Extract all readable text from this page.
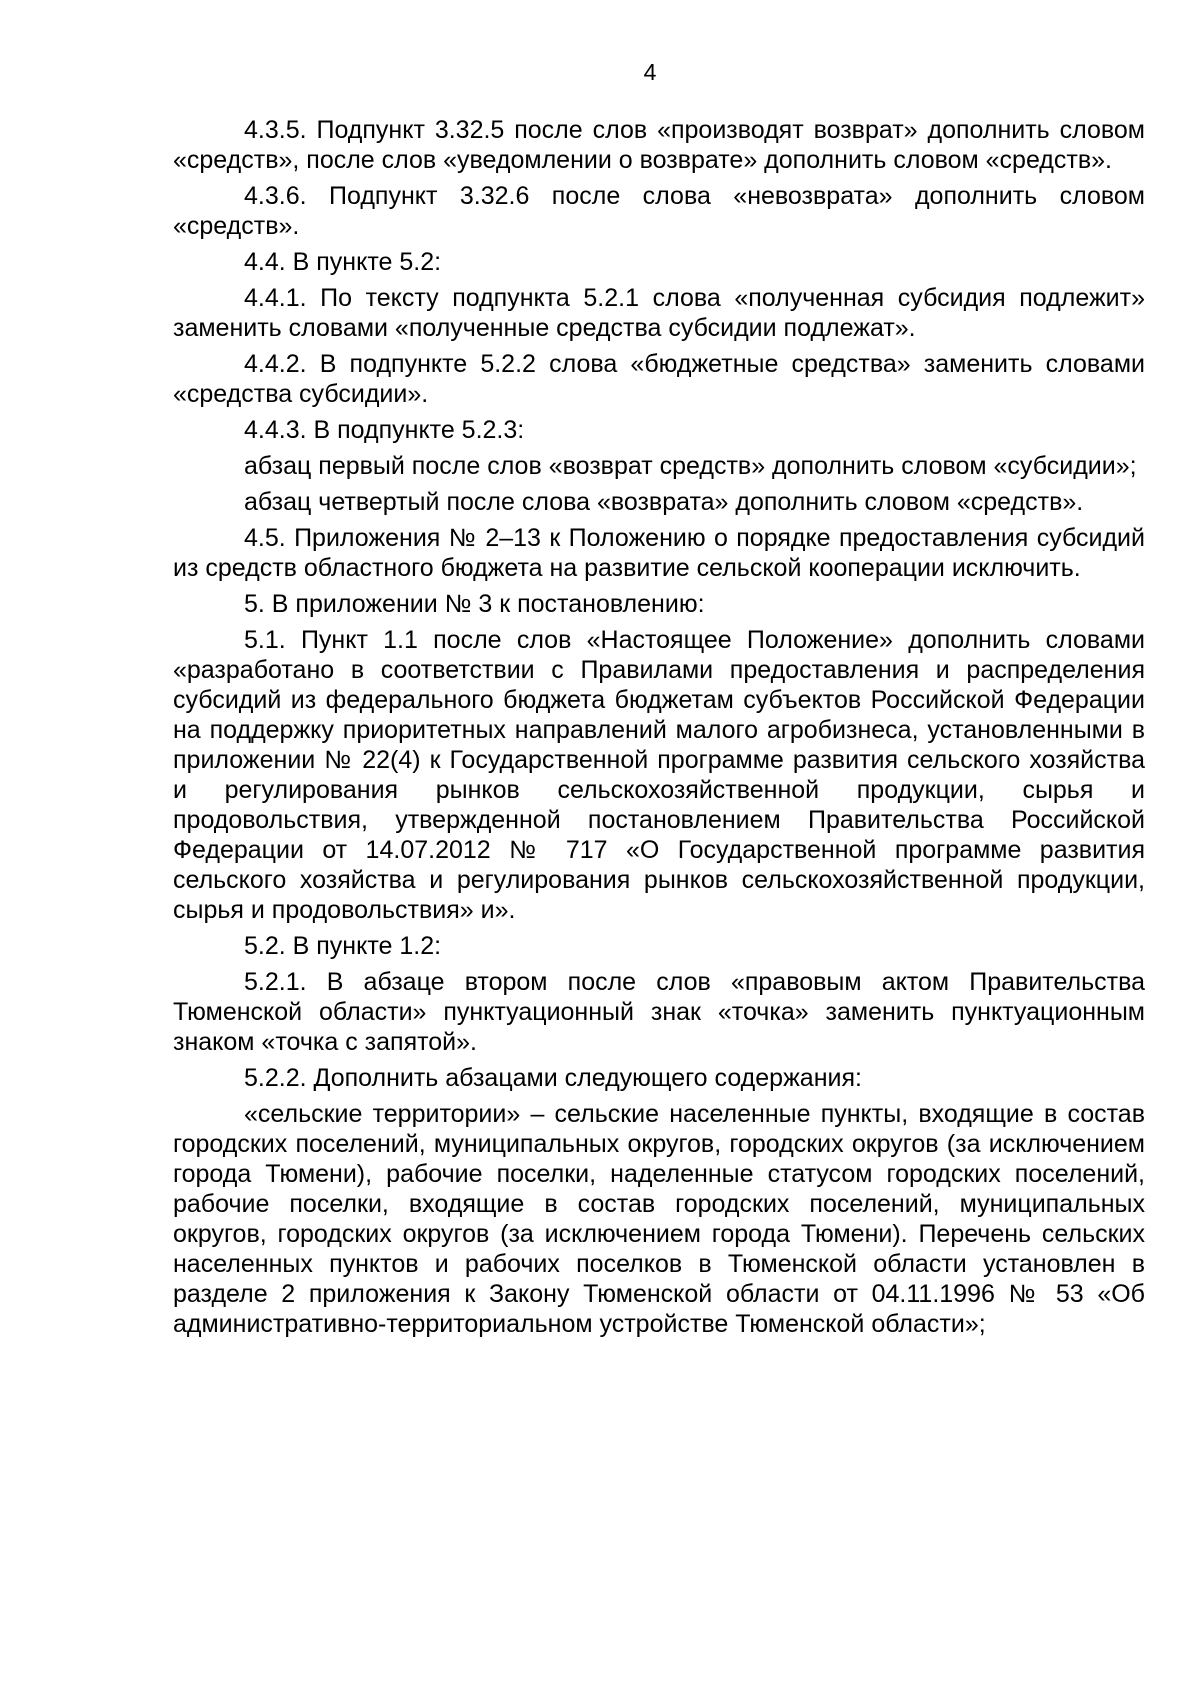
4

4.3.5. Подпункт 3.32.5 после слов «производят возврат» дополнить словом «средств», после слов «уведомлении о возврате» дополнить словом «средств».

4.3.6. Подпункт 3.32.6 после слова «невозврата» дополнить словом «средств».

4.4. В пункте 5.2:

4.4.1. По тексту подпункта 5.2.1 слова «полученная субсидия подлежит» заменить словами «полученные средства субсидии подлежат».

4.4.2. В подпункте 5.2.2 слова «бюджетные средства» заменить словами «средства субсидии».

4.4.3. В подпункте 5.2.3:

абзац первый после слов «возврат средств» дополнить словом «субсидии»;

абзац четвертый после слова «возврата» дополнить словом «средств».

4.5. Приложения № 2–13 к Положению о порядке предоставления субсидий из средств областного бюджета на развитие сельской кооперации исключить.

5. В приложении № 3 к постановлению:

5.1. Пункт 1.1 после слов «Настоящее Положение» дополнить словами «разработано в соответствии с Правилами предоставления и распределения субсидий из федерального бюджета бюджетам субъектов Российской Федерации на поддержку приоритетных направлений малого агробизнеса, установленными в приложении № 22(4) к Государственной программе развития сельского хозяйства и регулирования рынков сельскохозяйственной продукции, сырья и продовольствия, утвержденной постановлением Правительства Российской Федерации от 14.07.2012 № 717 «О Государственной программе развития сельского хозяйства и регулирования рынков сельскохозяйственной продукции, сырья и продовольствия» и».

5.2. В пункте 1.2:

5.2.1. В абзаце втором после слов «правовым актом Правительства Тюменской области» пунктуационный знак «точка» заменить пунктуационным знаком «точка с запятой».

5.2.2. Дополнить абзацами следующего содержания:

«сельские территории» – сельские населенные пункты, входящие в состав городских поселений, муниципальных округов, городских округов (за исключением города Тюмени), рабочие поселки, наделенные статусом городских поселений, рабочие поселки, входящие в состав городских поселений, муниципальных округов, городских округов (за исключением города Тюмени). Перечень сельских населенных пунктов и рабочих поселков в Тюменской области установлен в разделе 2 приложения к Закону Тюменской области от 04.11.1996 № 53 «Об административно-территориальном устройстве Тюменской области»;
